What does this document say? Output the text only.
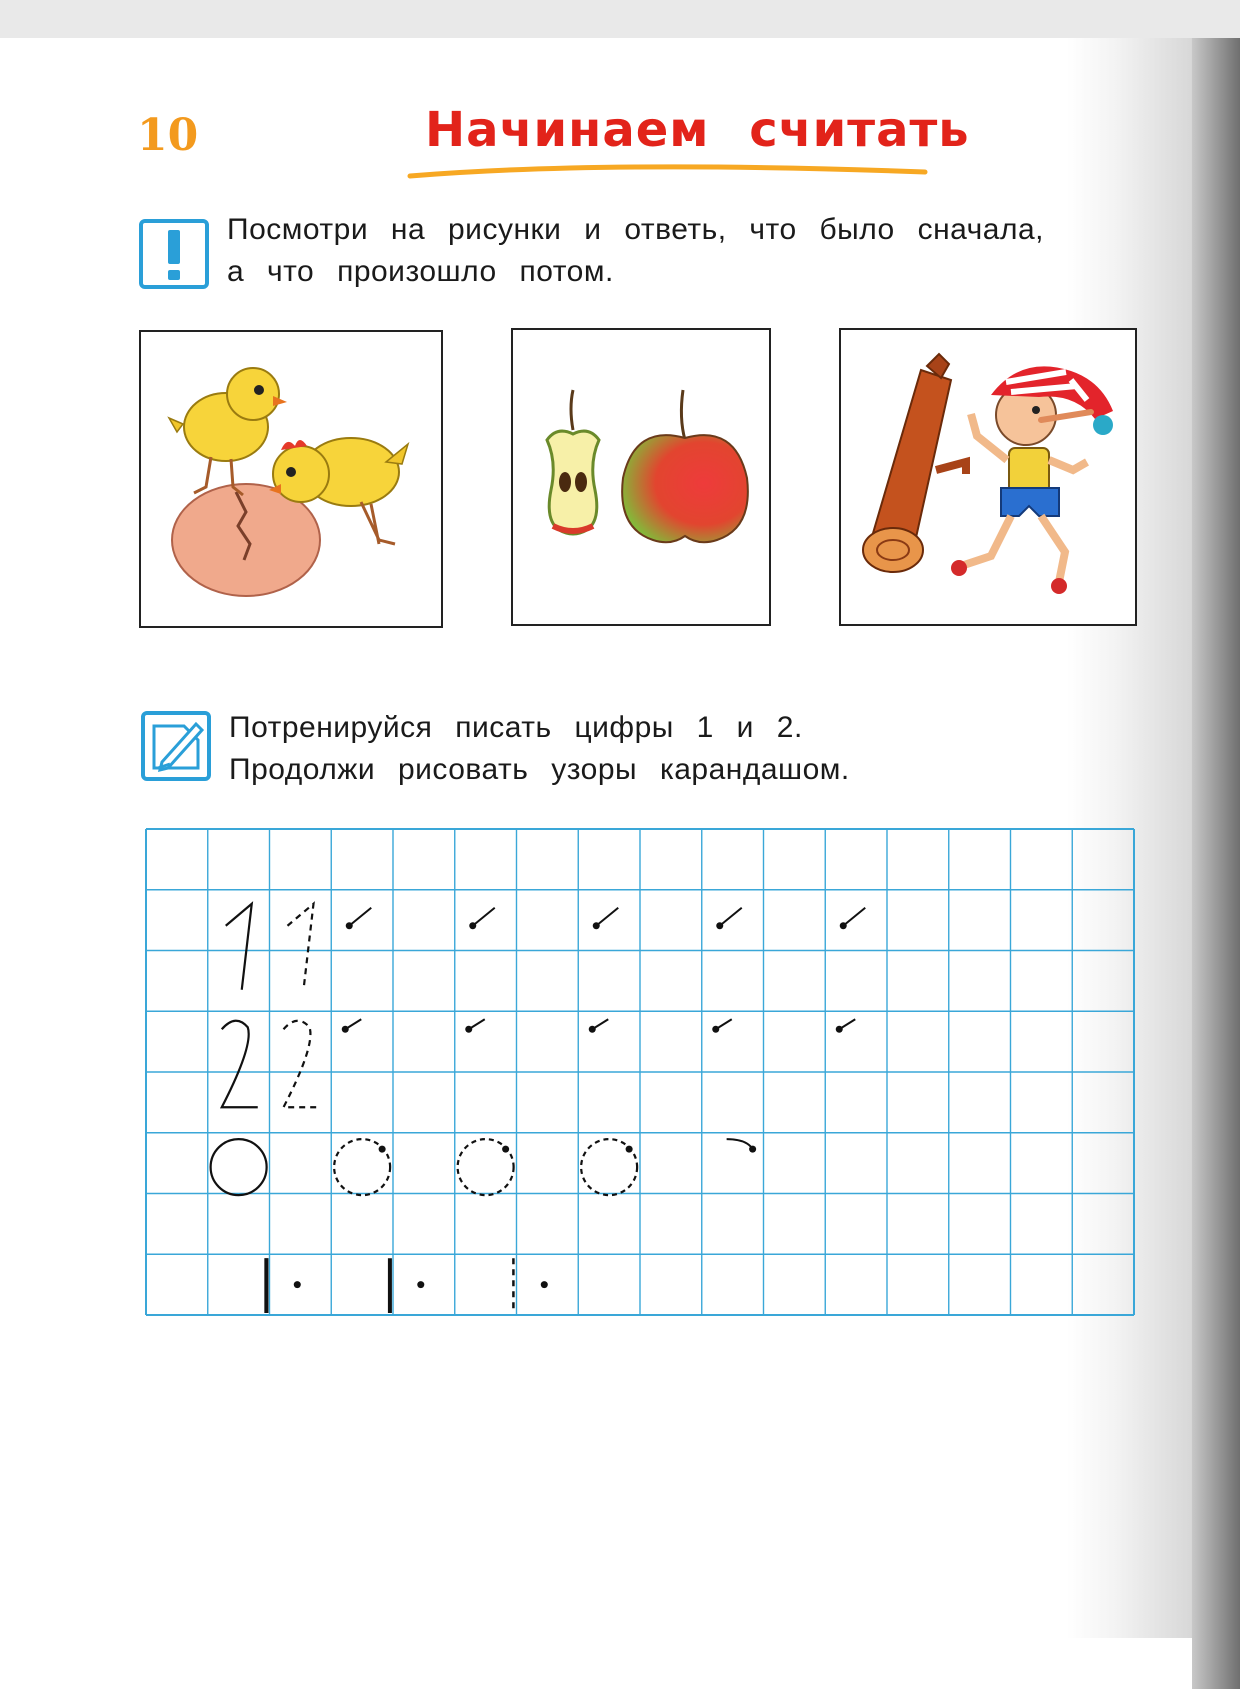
10	Начинаем считать
Посмотри на рисунки и ответь, что было сначала,
а что произошло потом.
Потренируйся писать цифры 1 и 2.
Продолжи рисовать узоры карандашом.
